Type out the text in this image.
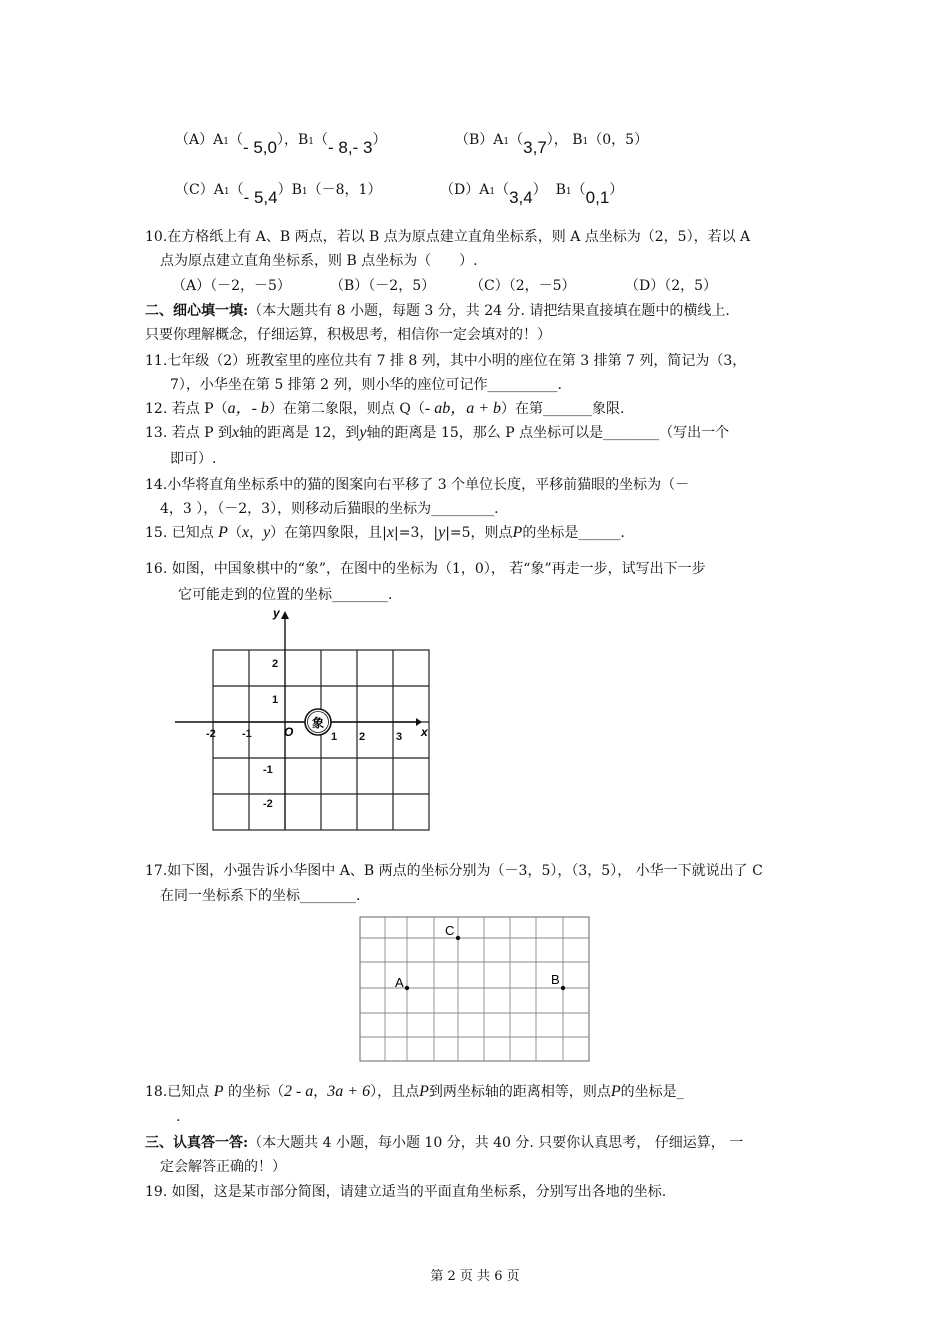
（A）A1（- 5,0），B1（- 8,- 3）	（B）A1（3,7）， B1（0，5）
（C）A1（- 5,4）B1（－8，1）	（D）A1（3,4） B1（0,1）
10.在方格纸上有 A、B 两点，若以 B 点为原点建立直角坐标系，则 A 点坐标为（2，5），若以 A
点为原点建立直角坐标系，则 B 点坐标为（　　）.
（A）（－2，－5）	（B）（－2，5） （C）（2，－5）	（D）（2，5）
二、细心填一填:（本大题共有 8 小题，每题 3 分，共 24 分. 请把结果直接填在题中的横线上.
只要你理解概念，仔细运算，积极思考，相信你一定会填对的！）
11.七年级（2）班教室里的座位共有 7 排 8 列，其中小明的座位在第 3 排第 7 列，简记为（3，
7），小华坐在第 5 排第 2 列，则小华的座位可记作__________.
12. 若点 P（a，- b）在第二象限，则点 Q（- ab，a + b）在第_______象限.
13. 若点 P 到x轴的距离是 12，到y轴的距离是 15，那么 P 点坐标可以是________（写出一个
即可）.
14.小华将直角坐标系中的猫的图案向右平移了 3 个单位长度，平移前猫眼的坐标为（－
4，3 ），（－2，3），则移动后猫眼的坐标为_________.
15. 已知点 P（x，y）在第四象限，且|x|=3，|y|=5，则点P的坐标是______.
16. 如图，中国象棋中的“象”，在图中的坐标为（1，0）， 若“象”再走一步，试写出下一步
它可能走到的位置的坐标________.
x
y
O
-2 -1	1 2	3
2
1
-1
-2
象
17.如下图，小强告诉小华图中 A、B 两点的坐标分别为（－3，5），（3，5）， 小华一下就说出了 C
在同一坐标系下的坐标________.
A	B
C
18.已知点 P 的坐标（2 - a，3a + 6），且点P到两坐标轴的距离相等，则点P的坐标是_
.
三、认真答一答:（本大题共 4 小题，每小题 10 分，共 40 分. 只要你认真思考， 仔细运算， 一
定会解答正确的！）
19. 如图，这是某市部分简图，请建立适当的平面直角坐标系，分别写出各地的坐标.
第 2 页 共 6 页
